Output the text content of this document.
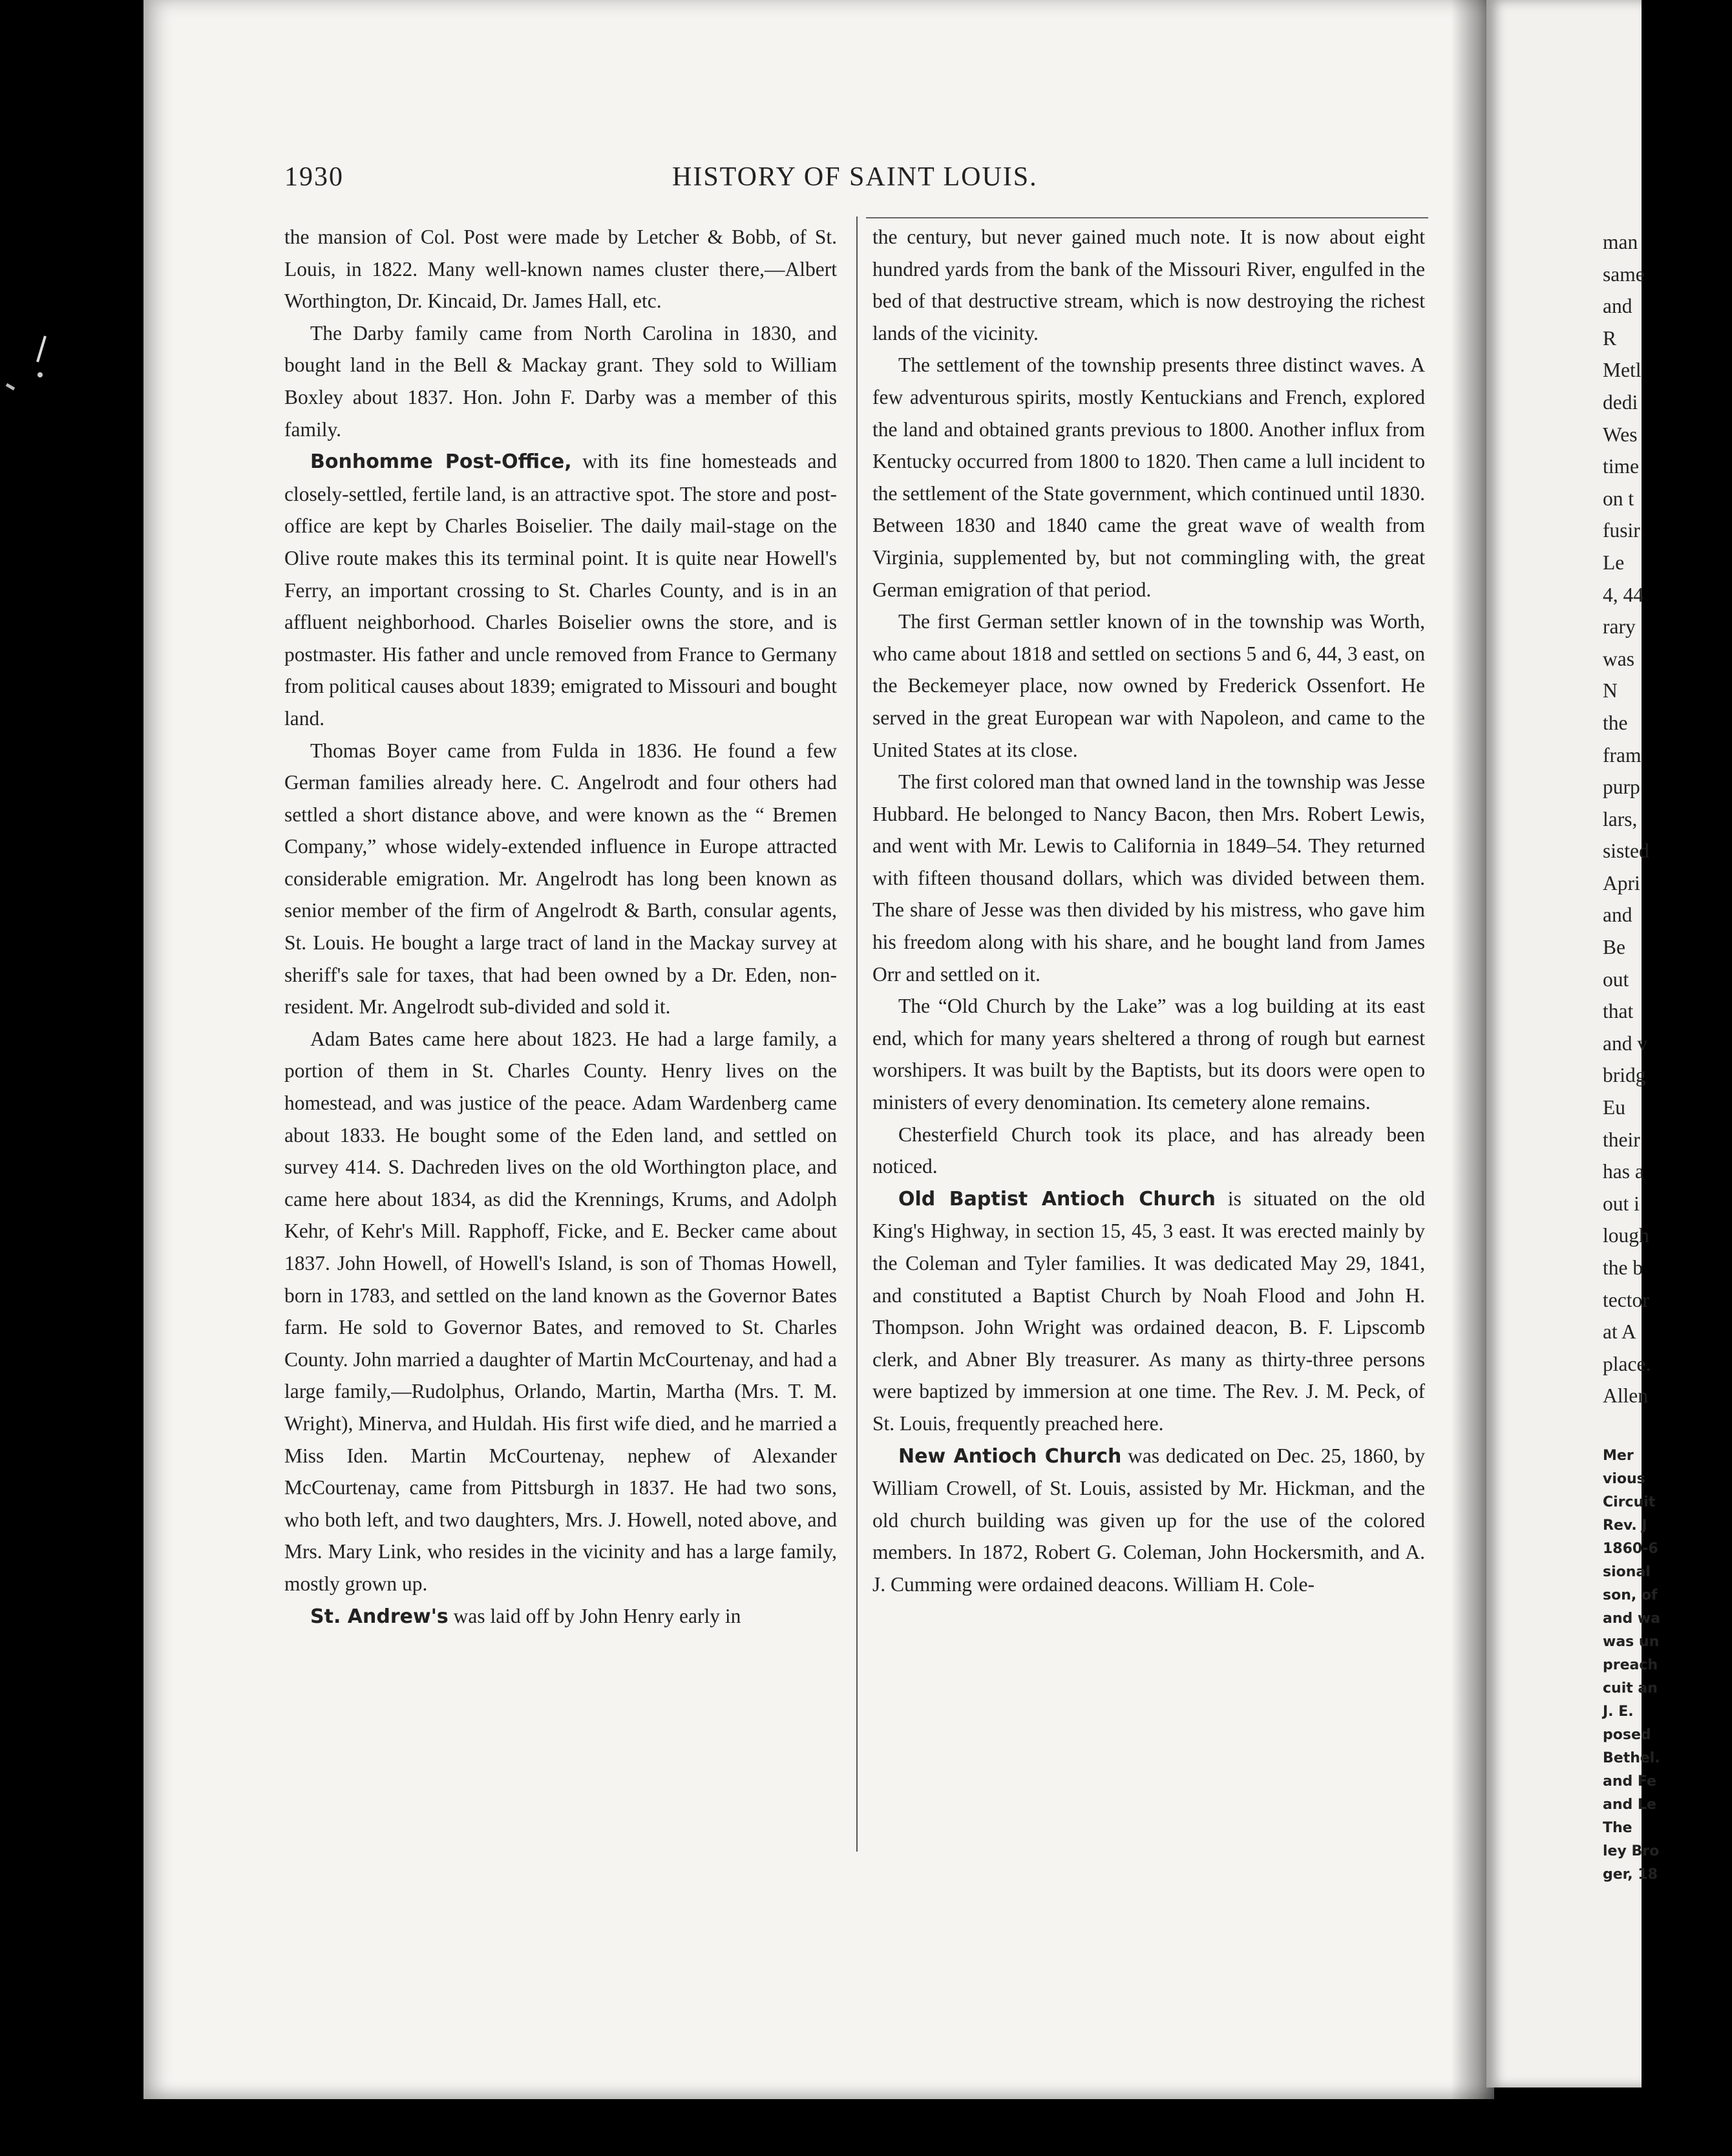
1930	HISTORY OF SAINT LOUIS.

the mansion of Col. Post were made by Letcher & Bobb, of St. Louis, in 1822. Many well-known names cluster there,—Albert Worthington, Dr. Kincaid, Dr. James Hall, etc.

The Darby family came from North Carolina in 1830, and bought land in the Bell & Mackay grant. They sold to William Boxley about 1837. Hon. John F. Darby was a member of this family.

Bonhomme Post-Office, with its fine homesteads and closely-settled, fertile land, is an attractive spot. The store and post-office are kept by Charles Boiselier. The daily mail-stage on the Olive route makes this its terminal point. It is quite near Howell's Ferry, an important crossing to St. Charles County, and is in an affluent neighborhood. Charles Boiselier owns the store, and is postmaster. His father and uncle removed from France to Germany from political causes about 1839; emigrated to Missouri and bought land.

Thomas Boyer came from Fulda in 1836. He found a few German families already here. C. Angelrodt and four others had settled a short distance above, and were known as the “ Bremen Company,” whose widely-extended influence in Europe attracted considerable emigration. Mr. Angelrodt has long been known as senior member of the firm of Angelrodt & Barth, consular agents, St. Louis. He bought a large tract of land in the Mackay survey at sheriff's sale for taxes, that had been owned by a Dr. Eden, non-resident. Mr. Angelrodt sub-divided and sold it.

Adam Bates came here about 1823. He had a large family, a portion of them in St. Charles County. Henry lives on the homestead, and was justice of the peace. Adam Wardenberg came about 1833. He bought some of the Eden land, and settled on survey 414. S. Dachreden lives on the old Worthington place, and came here about 1834, as did the Krennings, Krums, and Adolph Kehr, of Kehr's Mill. Rapphoff, Ficke, and E. Becker came about 1837. John Howell, of Howell's Island, is son of Thomas Howell, born in 1783, and settled on the land known as the Governor Bates farm. He sold to Governor Bates, and removed to St. Charles County. John married a daughter of Martin McCourtenay, and had a large family,—Rudolphus, Orlando, Martin, Martha (Mrs. T. M. Wright), Minerva, and Huldah. His first wife died, and he married a Miss Iden. Martin McCourtenay, nephew of Alexander McCourtenay, came from Pittsburgh in 1837. He had two sons, who both left, and two daughters, Mrs. J. Howell, noted above, and Mrs. Mary Link, who resides in the vicinity and has a large family, mostly grown up.

St. Andrew's was laid off by John Henry early in

the century, but never gained much note. It is now about eight hundred yards from the bank of the Missouri River, engulfed in the bed of that destructive stream, which is now destroying the richest lands of the vicinity.

The settlement of the township presents three distinct waves. A few adventurous spirits, mostly Kentuckians and French, explored the land and obtained grants previous to 1800. Another influx from Kentucky occurred from 1800 to 1820. Then came a lull incident to the settlement of the State government, which continued until 1830. Between 1830 and 1840 came the great wave of wealth from Virginia, supplemented by, but not commingling with, the great German emigration of that period.

The first German settler known of in the township was Worth, who came about 1818 and settled on sections 5 and 6, 44, 3 east, on the Beckemeyer place, now owned by Frederick Ossenfort. He served in the great European war with Napoleon, and came to the United States at its close.

The first colored man that owned land in the township was Jesse Hubbard. He belonged to Nancy Bacon, then Mrs. Robert Lewis, and went with Mr. Lewis to California in 1849–54. They returned with fifteen thousand dollars, which was divided between them. The share of Jesse was then divided by his mistress, who gave him his freedom along with his share, and he bought land from James Orr and settled on it.

The “Old Church by the Lake” was a log building at its east end, which for many years sheltered a throng of rough but earnest worshipers. It was built by the Baptists, but its doors were open to ministers of every denomination. Its cemetery alone remains.

Chesterfield Church took its place, and has already been noticed.

Old Baptist Antioch Church is situated on the old King's Highway, in section 15, 45, 3 east. It was erected mainly by the Coleman and Tyler families. It was dedicated May 29, 1841, and constituted a Baptist Church by Noah Flood and John H. Thompson. John Wright was ordained deacon, B. F. Lipscomb clerk, and Abner Bly treasurer. As many as thirty-three persons were baptized by immersion at one time. The Rev. J. M. Peck, of St. Louis, frequently preached here.

New Antioch Church was dedicated on Dec. 25, 1860, by William Crowell, of St. Louis, assisted by Mr. Hickman, and the old church building was given up for the use of the colored members. In 1872, Robert G. Coleman, John Hockersmith, and A. J. Cumming were ordained deacons. William H. Cole-

man
same
and
R
Metl
dedi
Wes
time
on t
fusir
Le
4, 44
rary
was
N
the
fram
purp
lars,
sisted
Apri
and
Be
out
that
and v
bridg
Eu
their
has a
out i
lough
the b
tector
at A
place.
Allen
Mer
vious
Circuit
Rev. J
1860-6
sional
son, of
and wa
was un
preach
cuit an
J. E.
posed
Bethel.
and Fe
and Le
The
ley Bro
ger, 18
